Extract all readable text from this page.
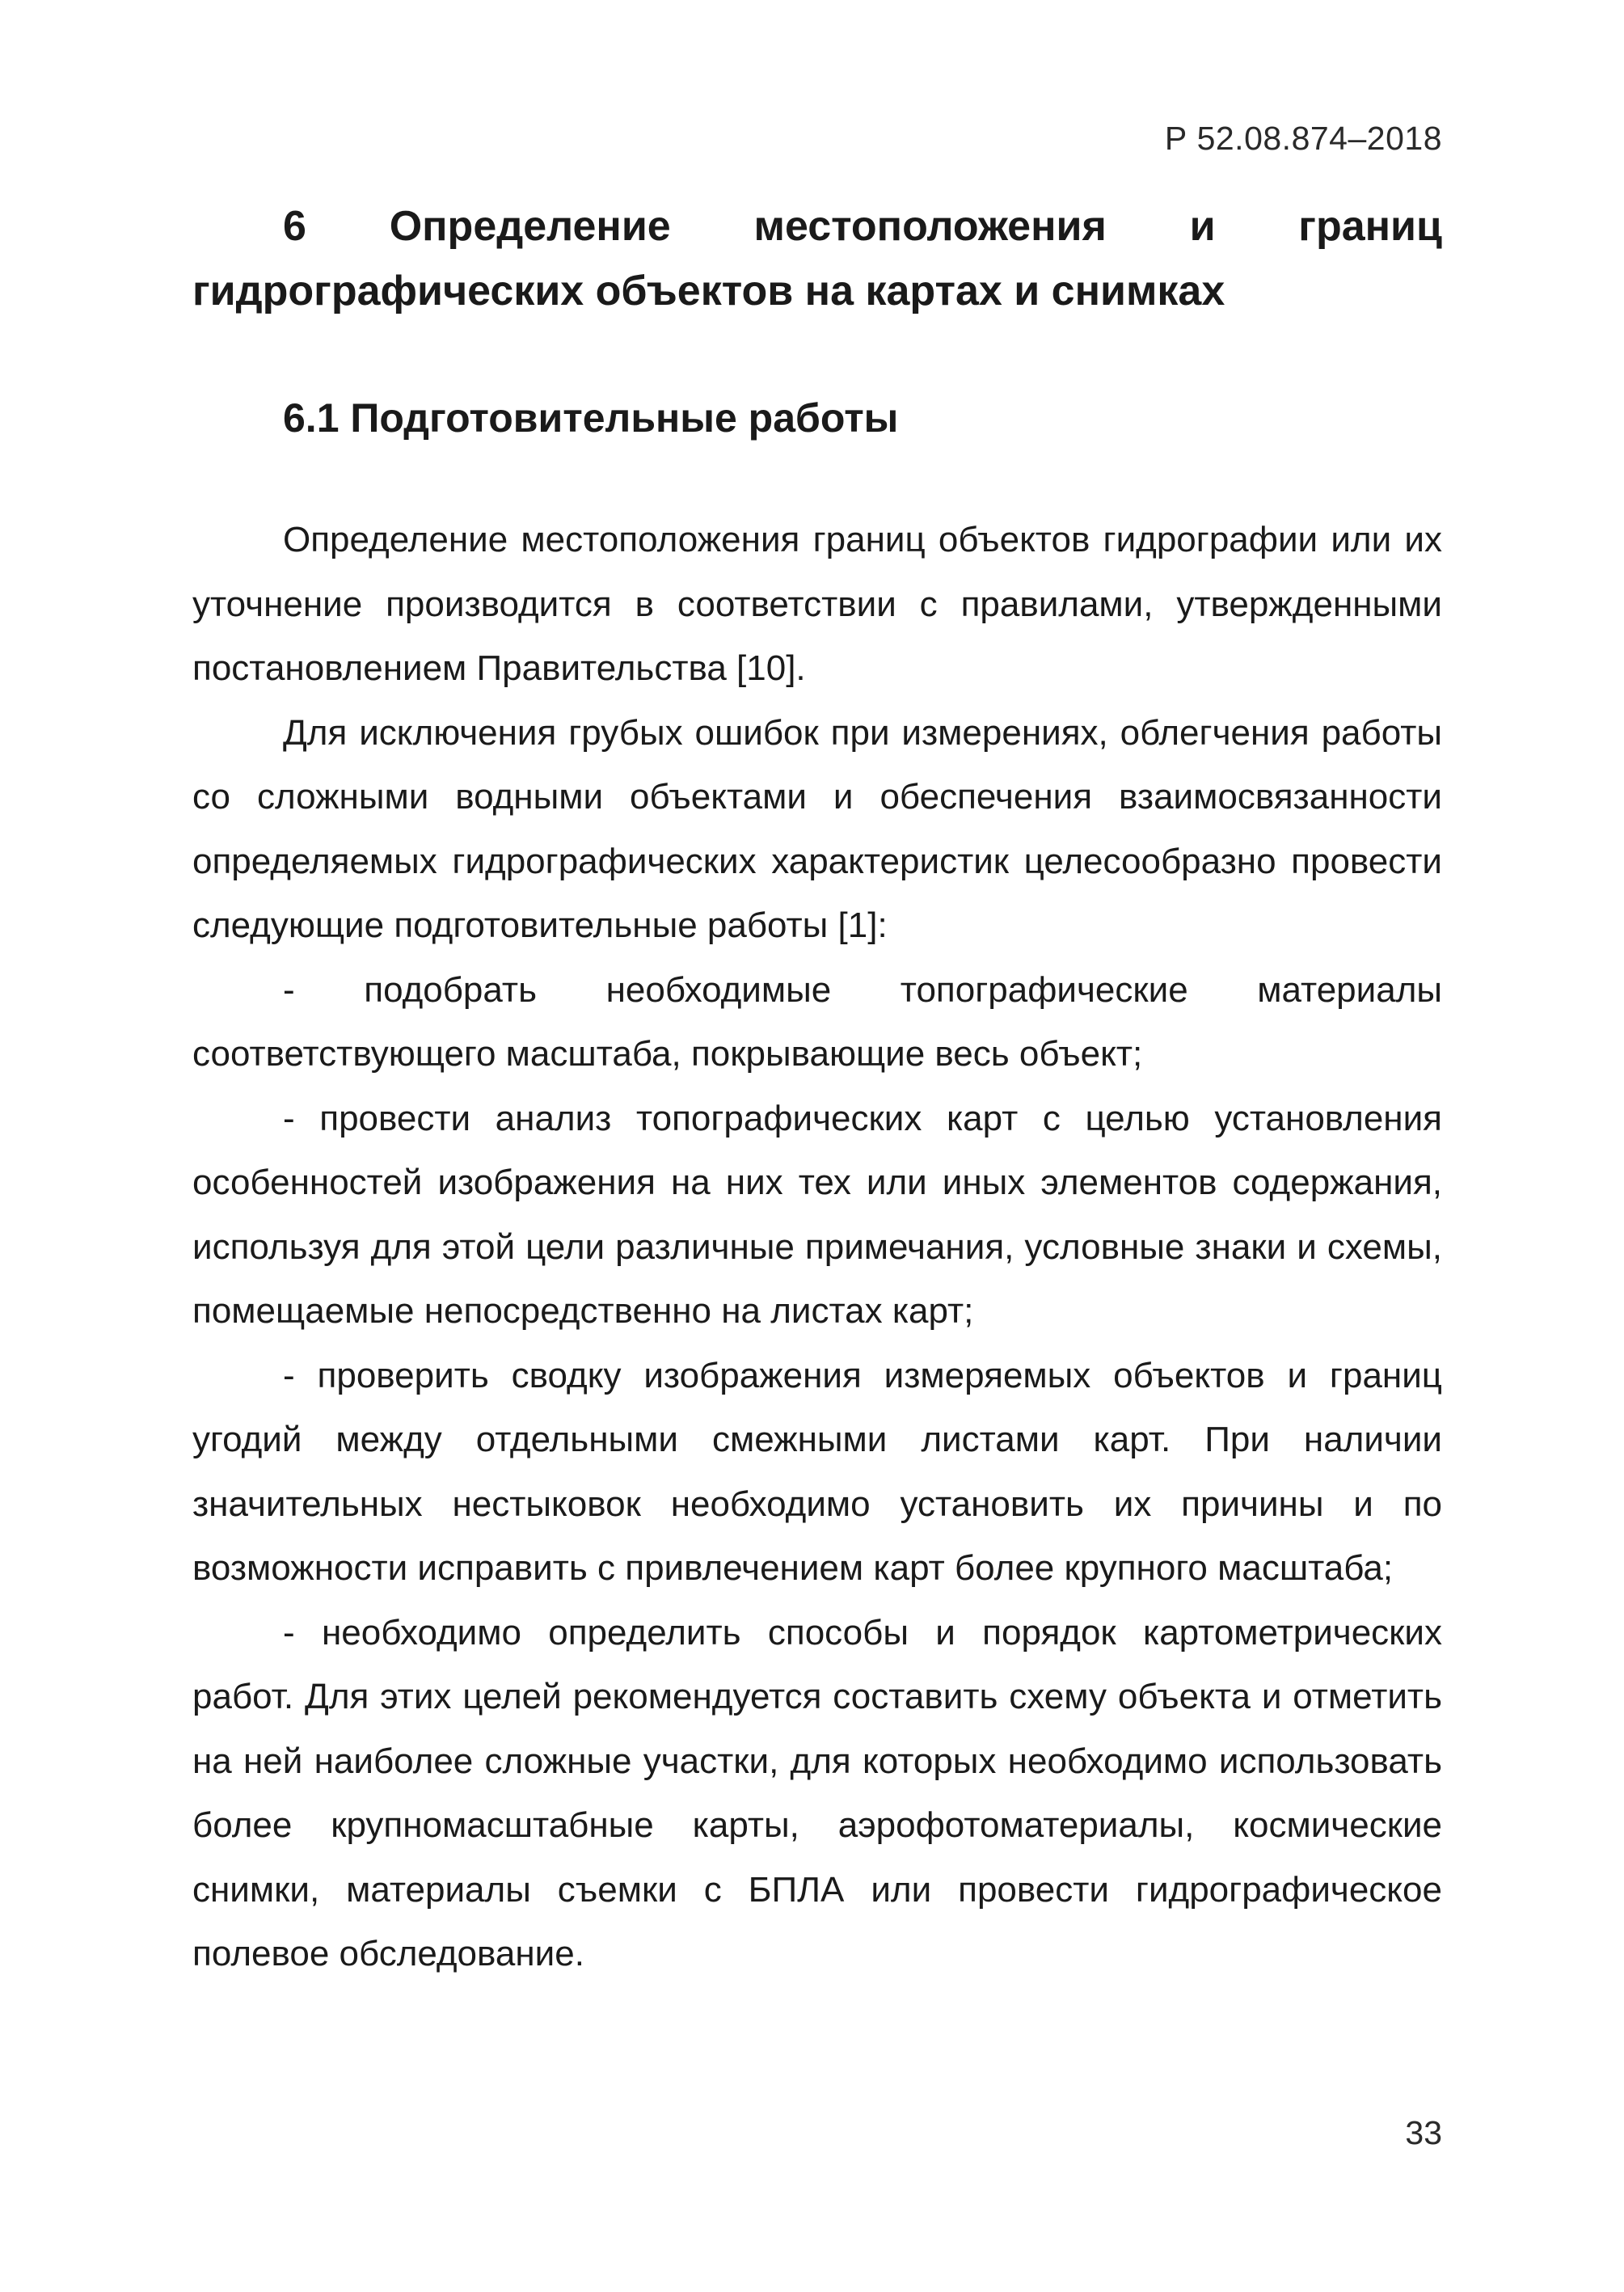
Р 52.08.874–2018
6 Определение местоположения и границ
гидрографических объектов на картах и снимках
6.1 Подготовительные работы

Определение местоположения границ объектов гидрографии или их уточнение производится в соответствии с правилами, утвержденными постановлением Правительства [10].

Для исключения грубых ошибок при измерениях, облегчения работы со сложными водными объектами и обеспечения взаимосвязанности определяемых гидрографических характеристик целесообразно провести следующие подготовительные работы [1]:

- подобрать необходимые топографические материалы соответствующего масштаба, покрывающие весь объект;

- провести анализ топографических карт с целью установления особенностей изображения на них тех или иных элементов содержания, используя для этой цели различные примечания, условные знаки и схемы, помещаемые непосредственно на листах карт;

- проверить сводку изображения измеряемых объектов и границ угодий между отдельными смежными листами карт. При наличии значительных нестыковок необходимо установить их причины и по возможности исправить с привлечением карт более крупного масштаба;

- необходимо определить способы и порядок картометрических работ. Для этих целей рекомендуется составить схему объекта и отметить на ней наиболее сложные участки, для которых необходимо использовать более крупномасштабные карты, аэрофотоматериалы, космические снимки, материалы съемки с БПЛА или провести гидрографическое полевое обследование.

33
